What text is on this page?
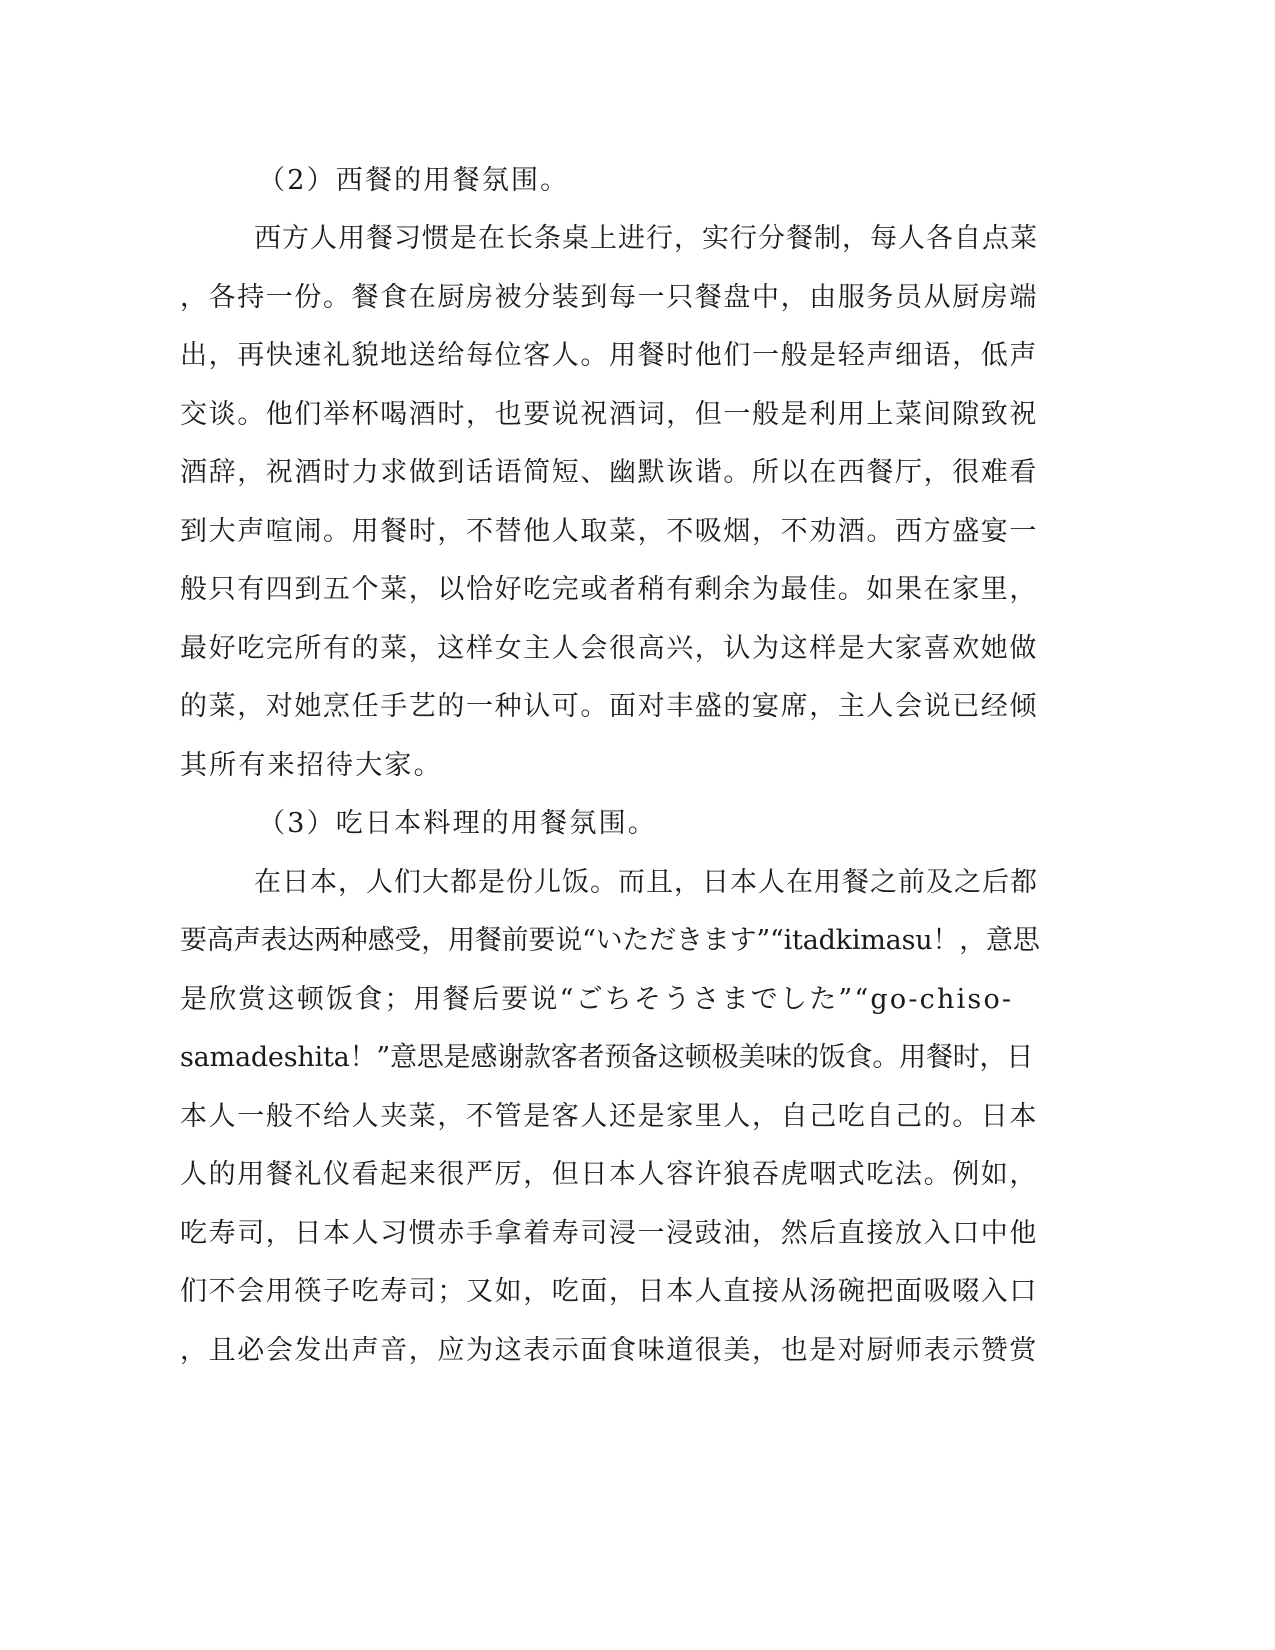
（2）西餐的用餐氛围。
西方人用餐习惯是在长条桌上进行，实行分餐制，每人各自点菜
，各持一份。餐食在厨房被分装到每一只餐盘中，由服务员从厨房端
出，再快速礼貌地送给每位客人。用餐时他们一般是轻声细语，低声
交谈。他们举杯喝酒时，也要说祝酒词，但一般是利用上菜间隙致祝
酒辞，祝酒时力求做到话语简短、幽默诙谐。所以在西餐厅，很难看
到大声喧闹。用餐时，不替他人取菜，不吸烟，不劝酒。西方盛宴一
般只有四到五个菜，以恰好吃完或者稍有剩余为最佳。如果在家里，
最好吃完所有的菜，这样女主人会很高兴，认为这样是大家喜欢她做
的菜，对她烹任手艺的一种认可。面对丰盛的宴席，主人会说已经倾
其所有来招待大家。
（3）吃日本料理的用餐氛围。
在日本，人们大都是份儿饭。而且，日本人在用餐之前及之后都
要高声表达两种感受，用餐前要说“いただきます”“itadkimasu！，意思
是欣赏这顿饭食；用餐后要说“ごちそうさまでした”“go-chiso-
samadeshita！”意思是感谢款客者预备这顿极美味的饭食。用餐时，日
本人一般不给人夹菜，不管是客人还是家里人，自己吃自己的。日本
人的用餐礼仪看起来很严厉，但日本人容许狼吞虎咽式吃法。例如，
吃寿司，日本人习惯赤手拿着寿司浸一浸豉油，然后直接放入口中他
们不会用筷子吃寿司；又如，吃面，日本人直接从汤碗把面吸啜入口
，且必会发出声音，应为这表示面食味道很美，也是对厨师表示赞赏
